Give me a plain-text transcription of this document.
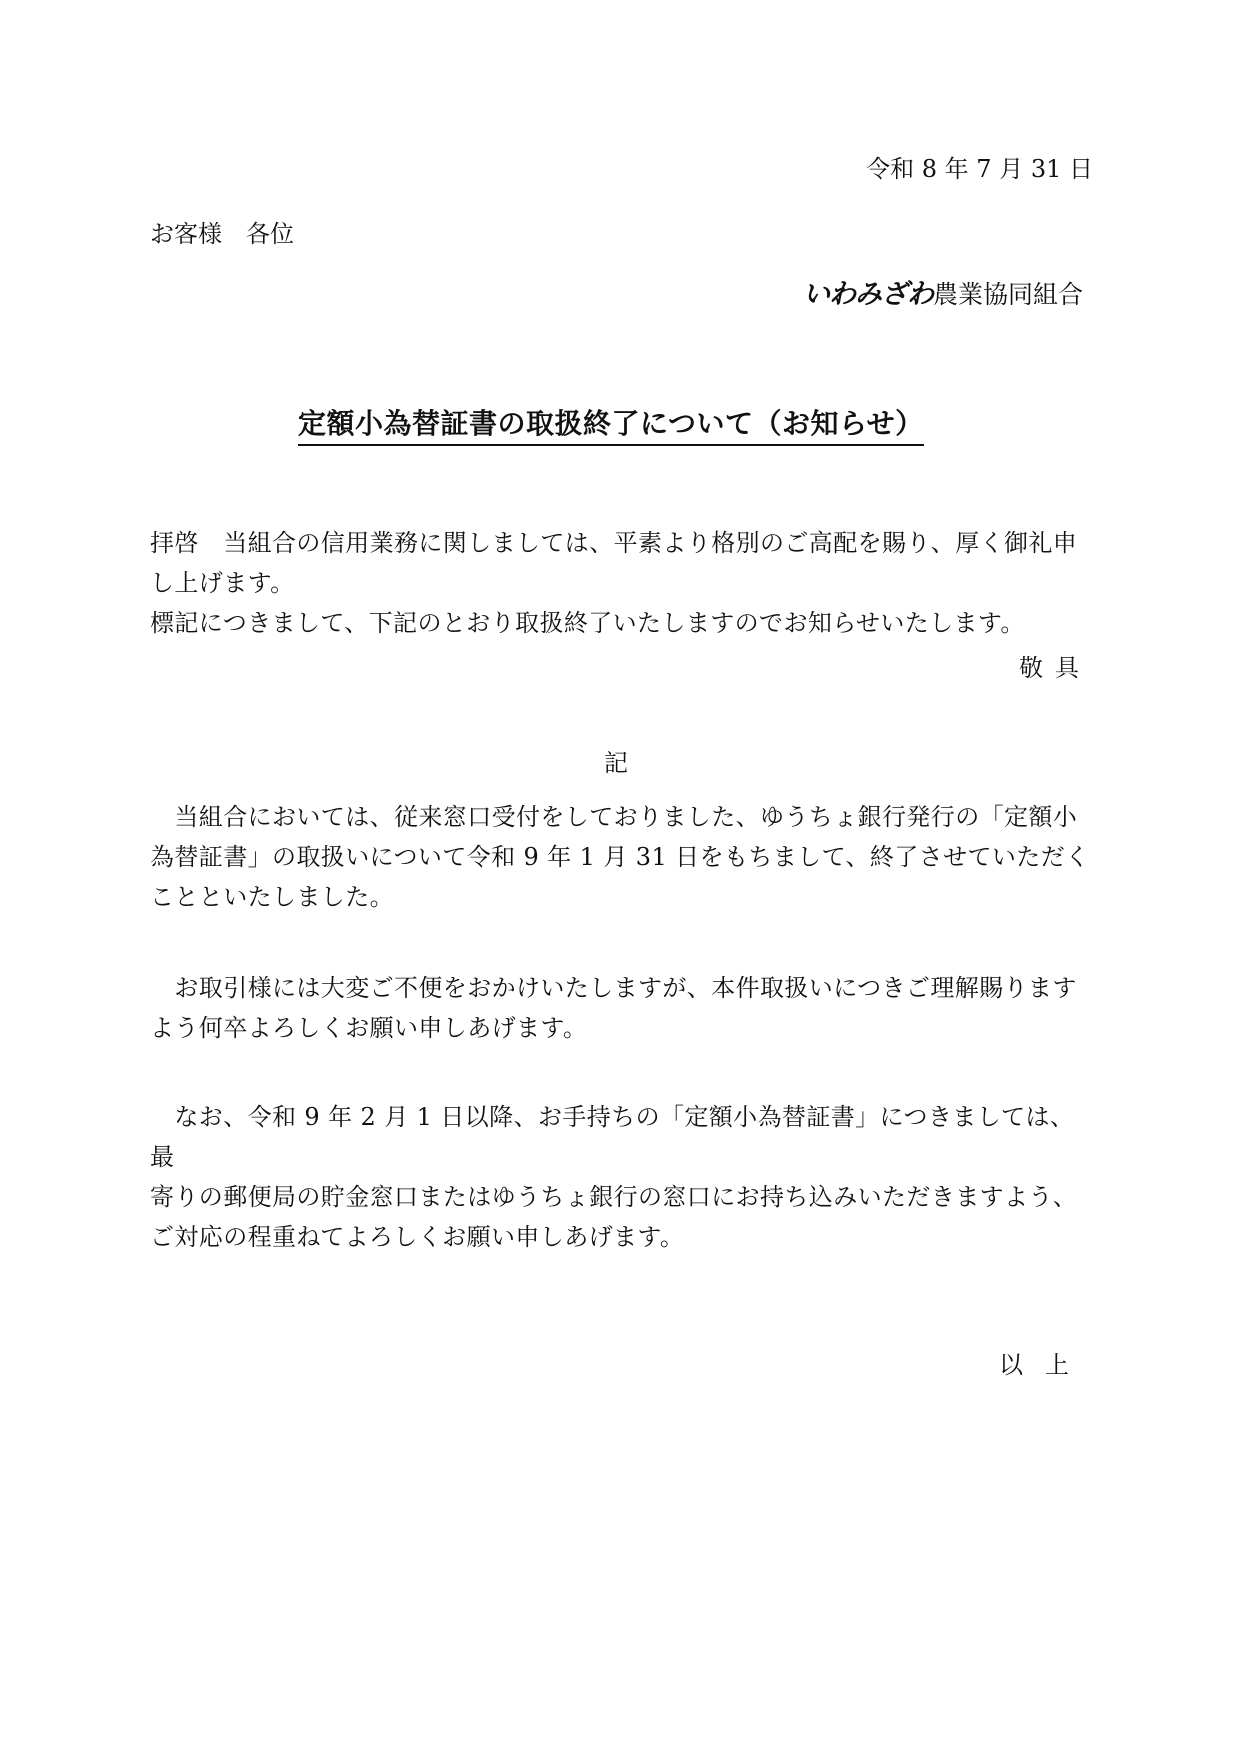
令和 8 年 7 月 31 日
お客様　各位
いわみざわ 農業協同組合
定額小為替証書の取扱終了について（お知らせ）

拝啓　当組合の信用業務に関しましては、平素より格別のご高配を賜り、厚く御礼申

し上げます。

標記につきまして、下記のとおり取扱終了いたしますのでお知らせいたします。

敬具
記

　当組合においては、従来窓口受付をしておりました、ゆうちょ銀行発行の「定額小

為替証書」の取扱いについて令和 9 年 1 月 31 日をもちまして、終了させていただく

ことといたしました。

　お取引様には大変ご不便をおかけいたしますが、本件取扱いにつきご理解賜ります

よう何卒よろしくお願い申しあげます。

　なお、令和 9 年 2 月 1 日以降、お手持ちの「定額小為替証書」につきましては、最

寄りの郵便局の貯金窓口またはゆうちょ銀行の窓口にお持ち込みいただきますよう、

ご対応の程重ねてよろしくお願い申しあげます。

以上
